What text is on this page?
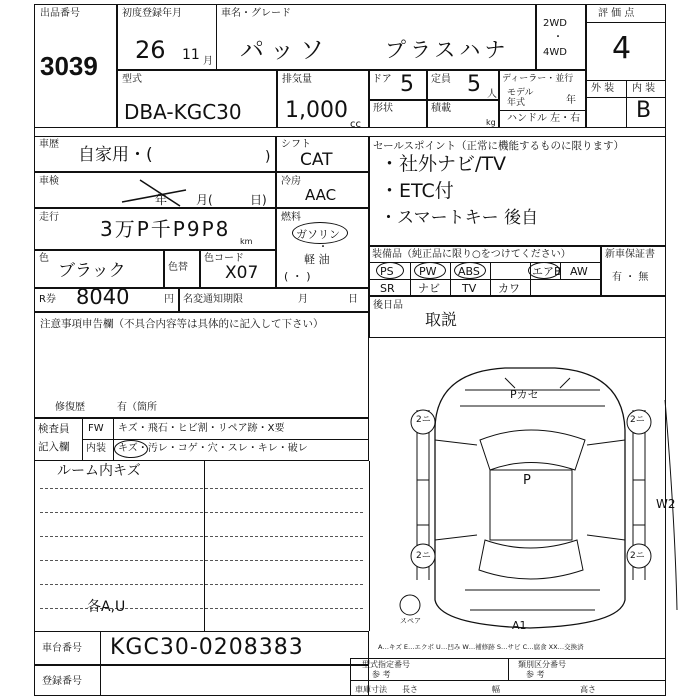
出品番号
3039
初度登録年月
26 11 月
車名・グレード
パッソ	プラスハナ
2WD
・
4WD
評 価 点
4
外 装 内 装
B
型式
DBA-KGC30
排気量
1,000
cc
ドア 5 定員 5 人
ディーラー・並行
モデル
年式	年
ハンドル 左・右
形状	積載
kg
車歴
自家用・(	)
シフト
CAT
車検
年 月(	日)
冷房
AAC
走行 3万P千P9P8
km
燃料
ガソリン
・
軽 油
( ・ )
色
ブラック	色替
色コード
X07
R券 8040	円 名変通知期限	月	日
注意事項申告欄（不具合内容等は具体的に記入して下さい）
修復歴	有（箇所
セールスポイント（正常に機能するものに限ります）
・社外ナビ/TV
・ETC付
・スマートキー 後自
装備品（純正品に限り○をつけてください）
PS PW ABS	エアB AW
SR ナビ TV カワ
新車保証書
有 ・ 無
後日品
取説
Pカセ
P
2ニ	2ニ
2ニ	2ニ
W2
A1
スペア
A…キズ E…エクボ U…凹み W…補修跡 S…サビ C…腐食 XX…交換済
検査員
記入欄
FW キズ・飛石・ヒビ割・リペア跡・X要
内装 キズ・汚レ・コゲ・穴・スレ・キレ・破レ
ルーム内キズ
各A,U
車台番号 KGC30-0208383
登録番号
型式指定番号
参 考
類別区分番号
参 考
車庫寸法 長さ	幅	高さ
